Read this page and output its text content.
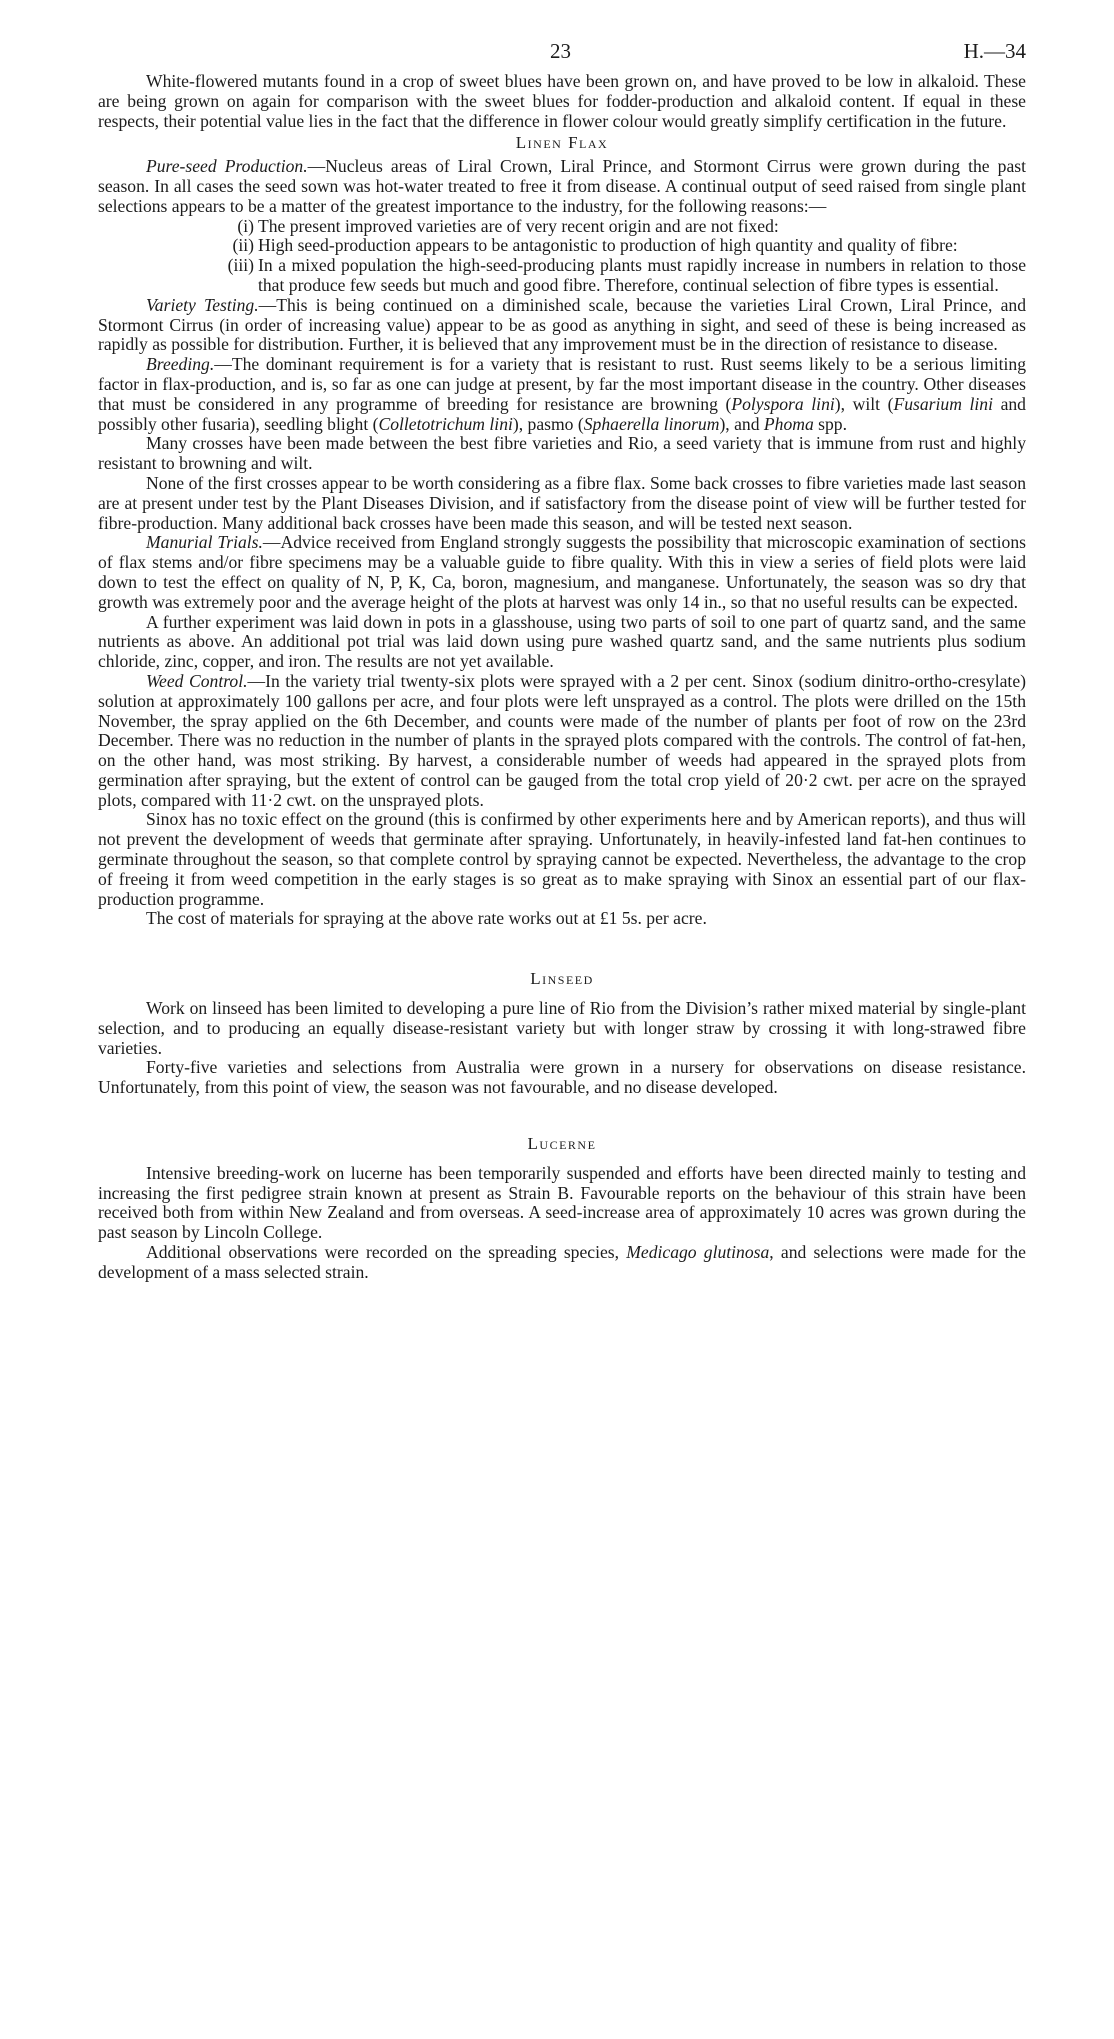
23	H.—34

White-flowered mutants found in a crop of sweet blues have been grown on, and have proved to be low in alkaloid. These are being grown on again for comparison with the sweet blues for fodder-production and alkaloid content. If equal in these respects, their potential value lies in the fact that the difference in flower colour would greatly simplify certification in the future.

Linen Flax

Pure-seed Production.—Nucleus areas of Liral Crown, Liral Prince, and Stormont Cirrus were grown during the past season. In all cases the seed sown was hot-water treated to free it from disease. A continual output of seed raised from single plant selections appears to be a matter of the greatest importance to the industry, for the following reasons:—

(i) The present improved varieties are of very recent origin and are not fixed:
(ii) High seed-production appears to be antagonistic to production of high quantity and quality of fibre:
(iii) In a mixed population the high-seed-producing plants must rapidly increase in numbers in relation to those that produce few seeds but much and good fibre. Therefore, continual selection of fibre types is essential.

Variety Testing.—This is being continued on a diminished scale, because the varieties Liral Crown, Liral Prince, and Stormont Cirrus (in order of increasing value) appear to be as good as anything in sight, and seed of these is being increased as rapidly as possible for distribution. Further, it is believed that any improvement must be in the direction of resistance to disease.

Breeding.—The dominant requirement is for a variety that is resistant to rust. Rust seems likely to be a serious limiting factor in flax-production, and is, so far as one can judge at present, by far the most important disease in the country. Other diseases that must be considered in any programme of breeding for resistance are browning (Polyspora lini), wilt (Fusarium lini and possibly other fusaria), seedling blight (Colletotrichum lini), pasmo (Sphaerella linorum), and Phoma spp.

Many crosses have been made between the best fibre varieties and Rio, a seed variety that is immune from rust and highly resistant to browning and wilt.

None of the first crosses appear to be worth considering as a fibre flax. Some back crosses to fibre varieties made last season are at present under test by the Plant Diseases Division, and if satisfactory from the disease point of view will be further tested for fibre-production. Many additional back crosses have been made this season, and will be tested next season.

Manurial Trials.—Advice received from England strongly suggests the possibility that microscopic examination of sections of flax stems and/or fibre specimens may be a valuable guide to fibre quality. With this in view a series of field plots were laid down to test the effect on quality of N, P, K, Ca, boron, magnesium, and manganese. Unfortunately, the season was so dry that growth was extremely poor and the average height of the plots at harvest was only 14 in., so that no useful results can be expected.

A further experiment was laid down in pots in a glasshouse, using two parts of soil to one part of quartz sand, and the same nutrients as above. An additional pot trial was laid down using pure washed quartz sand, and the same nutrients plus sodium chloride, zinc, copper, and iron. The results are not yet available.

Weed Control.—In the variety trial twenty-six plots were sprayed with a 2 per cent. Sinox (sodium dinitro-ortho-cresylate) solution at approximately 100 gallons per acre, and four plots were left unsprayed as a control. The plots were drilled on the 15th November, the spray applied on the 6th December, and counts were made of the number of plants per foot of row on the 23rd December. There was no reduction in the number of plants in the sprayed plots compared with the controls. The control of fat-hen, on the other hand, was most striking. By harvest, a considerable number of weeds had appeared in the sprayed plots from germination after spraying, but the extent of control can be gauged from the total crop yield of 20·2 cwt. per acre on the sprayed plots, compared with 11·2 cwt. on the unsprayed plots.

Sinox has no toxic effect on the ground (this is confirmed by other experiments here and by American reports), and thus will not prevent the development of weeds that germinate after spraying. Unfortunately, in heavily-infested land fat-hen continues to germinate throughout the season, so that complete control by spraying cannot be expected. Nevertheless, the advantage to the crop of freeing it from weed competition in the early stages is so great as to make spraying with Sinox an essential part of our flax-production programme.

The cost of materials for spraying at the above rate works out at £1 5s. per acre.

Linseed

Work on linseed has been limited to developing a pure line of Rio from the Division’s rather mixed material by single-plant selection, and to producing an equally disease-resistant variety but with longer straw by crossing it with long-strawed fibre varieties.

Forty-five varieties and selections from Australia were grown in a nursery for observations on disease resistance. Unfortunately, from this point of view, the season was not favourable, and no disease developed.

Lucerne

Intensive breeding-work on lucerne has been temporarily suspended and efforts have been directed mainly to testing and increasing the first pedigree strain known at present as Strain B. Favourable reports on the behaviour of this strain have been received both from within New Zealand and from overseas. A seed-increase area of approximately 10 acres was grown during the past season by Lincoln College.

Additional observations were recorded on the spreading species, Medicago glutinosa, and selections were made for the development of a mass selected strain.
